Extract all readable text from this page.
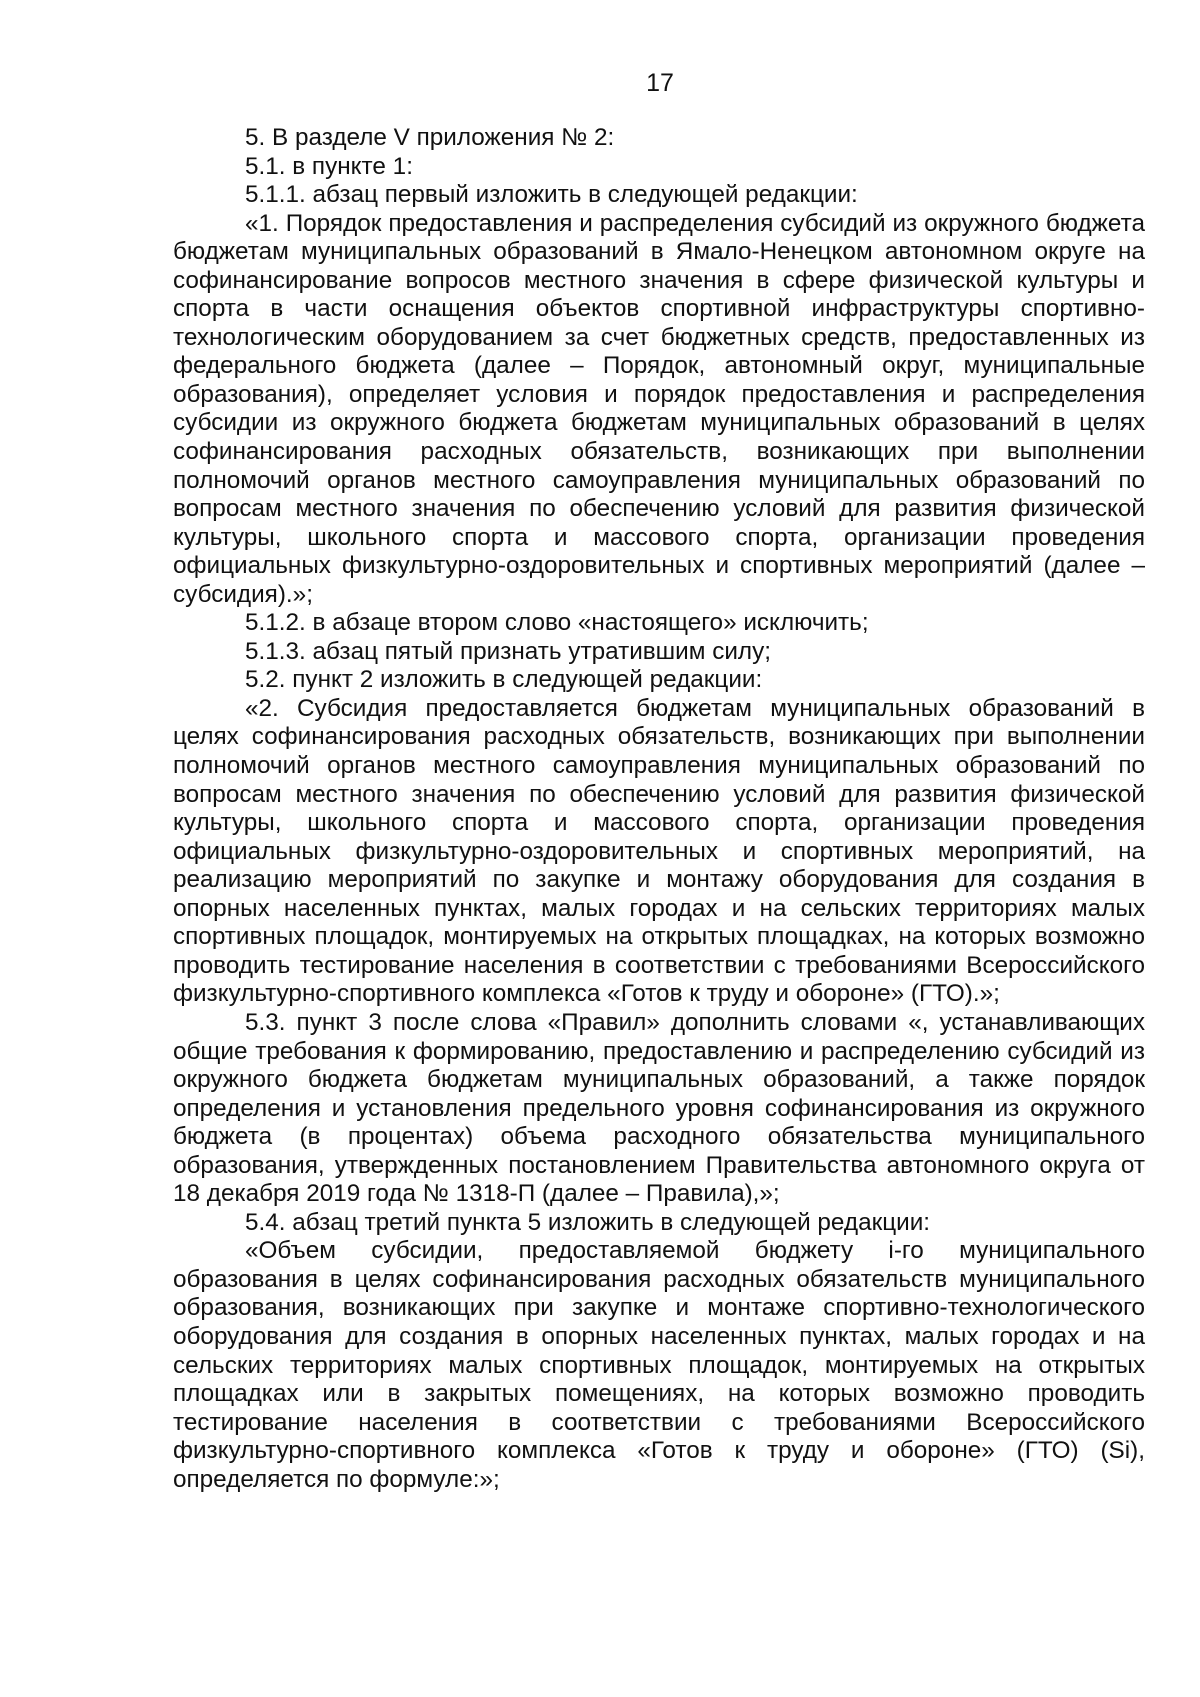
17

5. В разделе V приложения № 2:

5.1. в пункте 1:

5.1.1. абзац первый изложить в следующей редакции:

«1. Порядок предоставления и распределения субсидий из окружного бюджета бюджетам муниципальных образований в Ямало-Ненецком автономном округе на софинансирование вопросов местного значения в сфере физической культуры и спорта в части оснащения объектов спортивной инфраструктуры спортивно-технологическим оборудованием за счет бюджетных средств, предоставленных из федерального бюджета (далее – Порядок, автономный округ, муниципальные образования), определяет условия и порядок предоставления и распределения субсидии из окружного бюджета бюджетам муниципальных образований в целях софинансирования расходных обязательств, возникающих при выполнении полномочий органов местного самоуправления муниципальных образований по вопросам местного значения по обеспечению условий для развития физической культуры, школьного спорта и массового спорта, организации проведения официальных физкультурно-оздоровительных и спортивных мероприятий (далее – субсидия).»;

5.1.2. в абзаце втором слово «настоящего» исключить;

5.1.3. абзац пятый признать утратившим силу;

5.2. пункт 2 изложить в следующей редакции:

«2. Субсидия предоставляется бюджетам муниципальных образований в целях софинансирования расходных обязательств, возникающих при выполнении полномочий органов местного самоуправления муниципальных образований по вопросам местного значения по обеспечению условий для развития физической культуры, школьного спорта и массового спорта, организации проведения официальных физкультурно-оздоровительных и спортивных мероприятий, на реализацию мероприятий по закупке и монтажу оборудования для создания в опорных населенных пунктах, малых городах и на сельских территориях малых спортивных площадок, монтируемых на открытых площадках, на которых возможно проводить тестирование населения в соответствии с требованиями Всероссийского физкультурно-спортивного комплекса «Готов к труду и обороне» (ГТО).»;

5.3. пункт 3 после слова «Правил» дополнить словами «, устанавливающих общие требования к формированию, предоставлению и распределению субсидий из окружного бюджета бюджетам муниципальных образований, а также порядок определения и установления предельного уровня софинансирования из окружного бюджета (в процентах) объема расходного обязательства муниципального образования, утвержденных постановлением Правительства автономного округа от 18 декабря 2019 года № 1318-П (далее – Правила),»;

5.4. абзац третий пункта 5 изложить в следующей редакции:

«Объем субсидии, предоставляемой бюджету i-го муниципального образования в целях софинансирования расходных обязательств муниципального образования, возникающих при закупке и монтаже спортивно-технологического оборудования для создания в опорных населенных пунктах, малых городах и на сельских территориях малых спортивных площадок, монтируемых на открытых площадках или в закрытых помещениях, на которых возможно проводить тестирование населения в соответствии с требованиями Всероссийского физкультурно-спортивного комплекса «Готов к труду и обороне» (ГТО) (Si), определяется по формуле:»;
